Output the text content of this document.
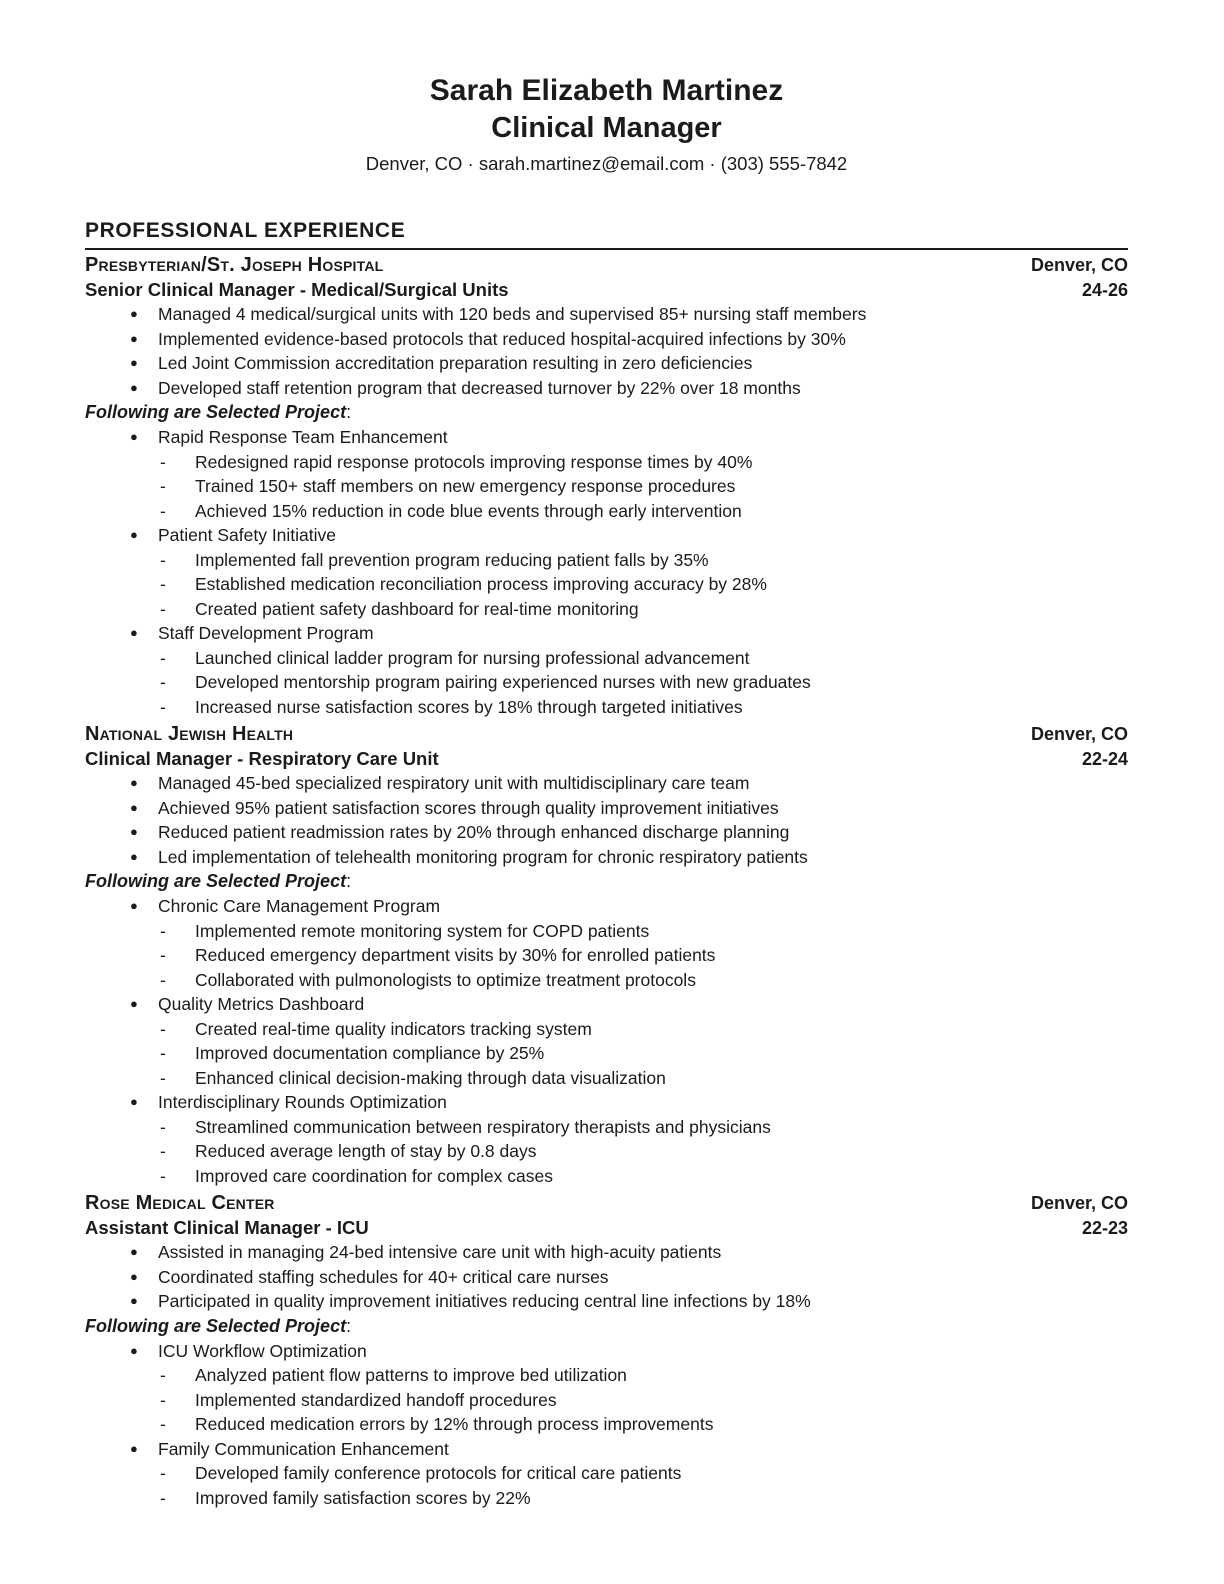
Sarah Elizabeth Martinez
Clinical Manager
Denver, CO · sarah.martinez@email.com · (303) 555-7842
PROFESSIONAL EXPERIENCE
Presbyterian/St. Joseph Hospital	Denver, CO
Senior Clinical Manager - Medical/Surgical Units	24-26
●	Managed 4 medical/surgical units with 120 beds and supervised 85+ nursing staff members
●	Implemented evidence-based protocols that reduced hospital-acquired infections by 30%
●	Led Joint Commission accreditation preparation resulting in zero deficiencies
●	Developed staff retention program that decreased turnover by 22% over 18 months
Following are Selected Project:
●	Rapid Response Team Enhancement
-	Redesigned rapid response protocols improving response times by 40%
-	Trained 150+ staff members on new emergency response procedures
-	Achieved 15% reduction in code blue events through early intervention
●	Patient Safety Initiative
-	Implemented fall prevention program reducing patient falls by 35%
-	Established medication reconciliation process improving accuracy by 28%
-	Created patient safety dashboard for real-time monitoring
●	Staff Development Program
-	Launched clinical ladder program for nursing professional advancement
-	Developed mentorship program pairing experienced nurses with new graduates
-	Increased nurse satisfaction scores by 18% through targeted initiatives
National Jewish Health	Denver, CO
Clinical Manager - Respiratory Care Unit	22-24
●	Managed 45-bed specialized respiratory unit with multidisciplinary care team
●	Achieved 95% patient satisfaction scores through quality improvement initiatives
●	Reduced patient readmission rates by 20% through enhanced discharge planning
●	Led implementation of telehealth monitoring program for chronic respiratory patients
Following are Selected Project:
●	Chronic Care Management Program
-	Implemented remote monitoring system for COPD patients
-	Reduced emergency department visits by 30% for enrolled patients
-	Collaborated with pulmonologists to optimize treatment protocols
●	Quality Metrics Dashboard
-	Created real-time quality indicators tracking system
-	Improved documentation compliance by 25%
-	Enhanced clinical decision-making through data visualization
●	Interdisciplinary Rounds Optimization
-	Streamlined communication between respiratory therapists and physicians
-	Reduced average length of stay by 0.8 days
-	Improved care coordination for complex cases
Rose Medical Center	Denver, CO
Assistant Clinical Manager - ICU	22-23
●	Assisted in managing 24-bed intensive care unit with high-acuity patients
●	Coordinated staffing schedules for 40+ critical care nurses
●	Participated in quality improvement initiatives reducing central line infections by 18%
Following are Selected Project:
●	ICU Workflow Optimization
-	Analyzed patient flow patterns to improve bed utilization
-	Implemented standardized handoff procedures
-	Reduced medication errors by 12% through process improvements
●	Family Communication Enhancement
-	Developed family conference protocols for critical care patients
-	Improved family satisfaction scores by 22%
